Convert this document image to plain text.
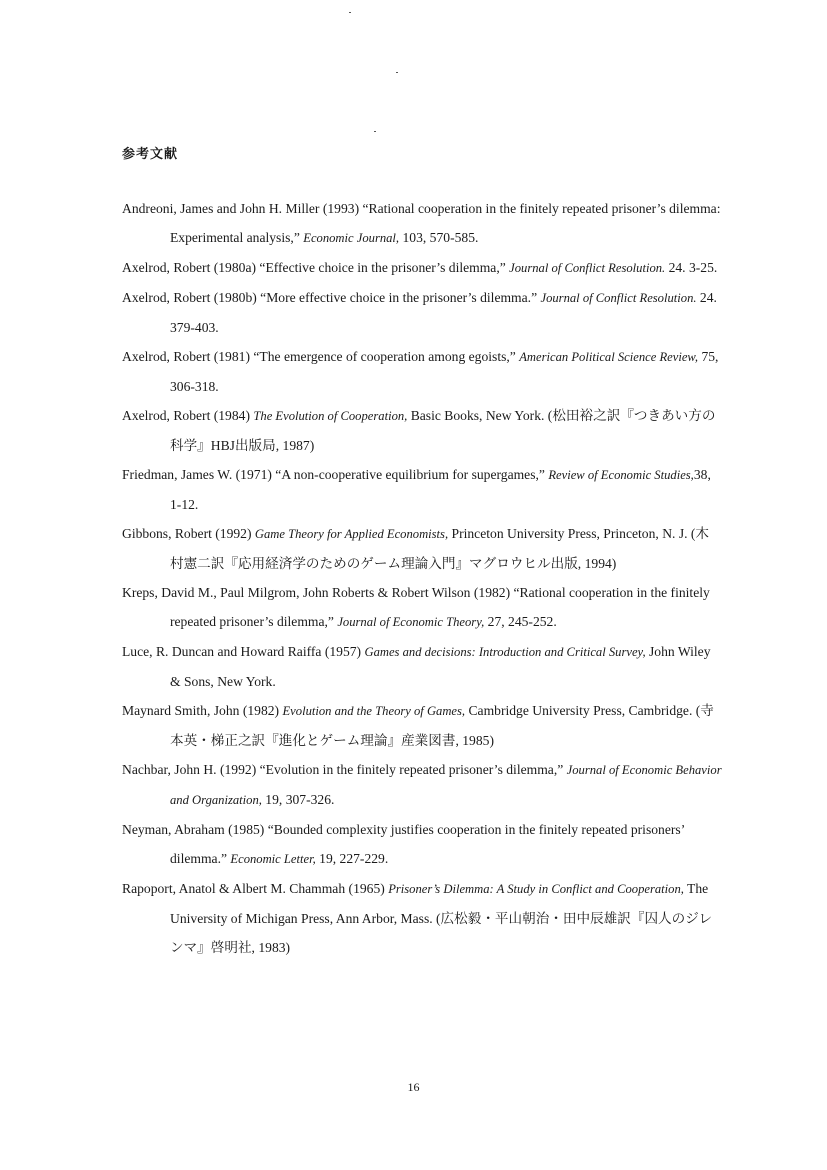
参考文献
Andreoni, James and John H. Miller (1993) “Rational cooperation in the finitely repeated prisoner’s dilemma: Experimental analysis,” Economic Journal, 103, 570-585.
Axelrod, Robert (1980a) “Effective choice in the prisoner’s dilemma,” Journal of Conflict Resolution. 24. 3-25.
Axelrod, Robert (1980b) “More effective choice in the prisoner’s dilemma.” Journal of Conflict Resolution. 24. 379-403.
Axelrod, Robert (1981) “The emergence of cooperation among egoists,” American Political Science Review, 75, 306-318.
Axelrod, Robert (1984) The Evolution of Cooperation, Basic Books, New York. (松田裕之訳『つきあい方の科学』HBJ出版局, 1987)
Friedman, James W. (1971) “A non-cooperative equilibrium for supergames,” Review of Economic Studies,38, 1-12.
Gibbons, Robert (1992) Game Theory for Applied Economists, Princeton University Press, Princeton, N. J. (木村憲二訳『応用経済学のためのゲーム理論入門』マグロウヒル出版, 1994)
Kreps, David M., Paul Milgrom, John Roberts & Robert Wilson (1982) “Rational cooperation in the finitely repeated prisoner’s dilemma,” Journal of Economic Theory, 27, 245-252.
Luce, R. Duncan and Howard Raiffa (1957) Games and decisions: Introduction and Critical Survey, John Wiley & Sons, New York.
Maynard Smith, John (1982) Evolution and the Theory of Games, Cambridge University Press, Cambridge. (寺本英・梯正之訳『進化とゲーム理論』産業図書, 1985)
Nachbar, John H. (1992) “Evolution in the finitely repeated prisoner’s dilemma,” Journal of Economic Behavior and Organization, 19, 307-326.
Neyman, Abraham (1985) “Bounded complexity justifies cooperation in the finitely repeated prisoners’ dilemma.” Economic Letter, 19, 227-229.
Rapoport, Anatol & Albert M. Chammah (1965) Prisoner’s Dilemma: A Study in Conflict and Cooperation, The University of Michigan Press, Ann Arbor, Mass. (広松毅・平山朝治・田中辰雄訳『囚人のジレンマ』啓明社, 1983)
16
